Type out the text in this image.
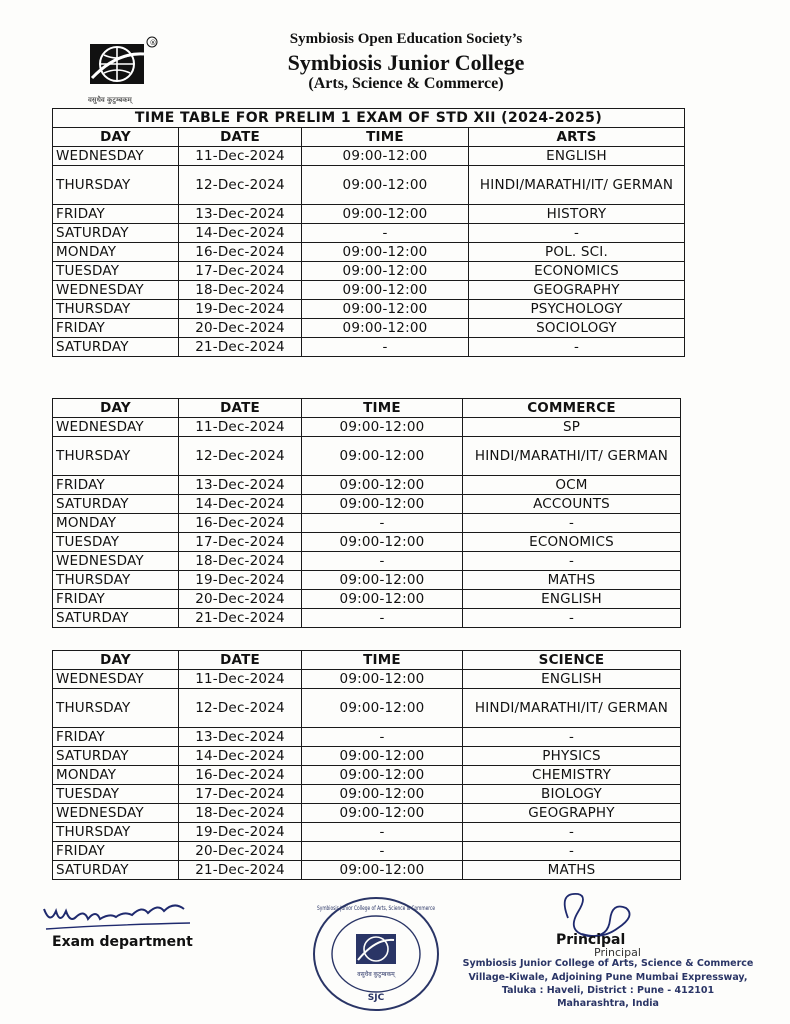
®
वसुधैव कुटुम्बकम्
Symbiosis Open Education Society’s
Symbiosis Junior College
(Arts, Science & Commerce)
TIME TABLE FOR PRELIM 1 EXAM OF STD XII (2024-2025)			
DAY	DATE	TIME	ARTS
WEDNESDAY	11-Dec-2024	09:00-12:00	ENGLISH
THURSDAY	12-Dec-2024	09:00-12:00	HINDI/MARATHI/IT/ GERMAN
FRIDAY	13-Dec-2024	09:00-12:00	HISTORY
SATURDAY	14-Dec-2024	-	-
MONDAY	16-Dec-2024	09:00-12:00	POL. SCI.
TUESDAY	17-Dec-2024	09:00-12:00	ECONOMICS
WEDNESDAY	18-Dec-2024	09:00-12:00	GEOGRAPHY
THURSDAY	19-Dec-2024	09:00-12:00	PSYCHOLOGY
FRIDAY	20-Dec-2024	09:00-12:00	SOCIOLOGY
SATURDAY	21-Dec-2024	-	-
DAY	DATE	TIME	COMMERCE
WEDNESDAY	11-Dec-2024	09:00-12:00	SP
THURSDAY	12-Dec-2024	09:00-12:00	HINDI/MARATHI/IT/ GERMAN
FRIDAY	13-Dec-2024	09:00-12:00	OCM
SATURDAY	14-Dec-2024	09:00-12:00	ACCOUNTS
MONDAY	16-Dec-2024	-	-
TUESDAY	17-Dec-2024	09:00-12:00	ECONOMICS
WEDNESDAY	18-Dec-2024	-	-
THURSDAY	19-Dec-2024	09:00-12:00	MATHS
FRIDAY	20-Dec-2024	09:00-12:00	ENGLISH
SATURDAY	21-Dec-2024	-	-
DAY	DATE	TIME	SCIENCE
WEDNESDAY	11-Dec-2024	09:00-12:00	ENGLISH
THURSDAY	12-Dec-2024	09:00-12:00	HINDI/MARATHI/IT/ GERMAN
FRIDAY	13-Dec-2024	-	-
SATURDAY	14-Dec-2024	09:00-12:00	PHYSICS
MONDAY	16-Dec-2024	09:00-12:00	CHEMISTRY
TUESDAY	17-Dec-2024	09:00-12:00	BIOLOGY
WEDNESDAY	18-Dec-2024	09:00-12:00	GEOGRAPHY
THURSDAY	19-Dec-2024	-	-
FRIDAY	20-Dec-2024	-	-
SATURDAY	21-Dec-2024	09:00-12:00	MATHS
Mayur-Wani
Exam department
वसुधैव कुटुम्बकम्
SJC
Symbiosis Junior College of Arts, Science & Commerce
Principal
Principal
Symbiosis Junior College of Arts, Science & Commerce
Village-Kiwale, Adjoining Pune Mumbai Expressway,
Taluka : Haveli, District : Pune - 412101
Maharashtra, India
